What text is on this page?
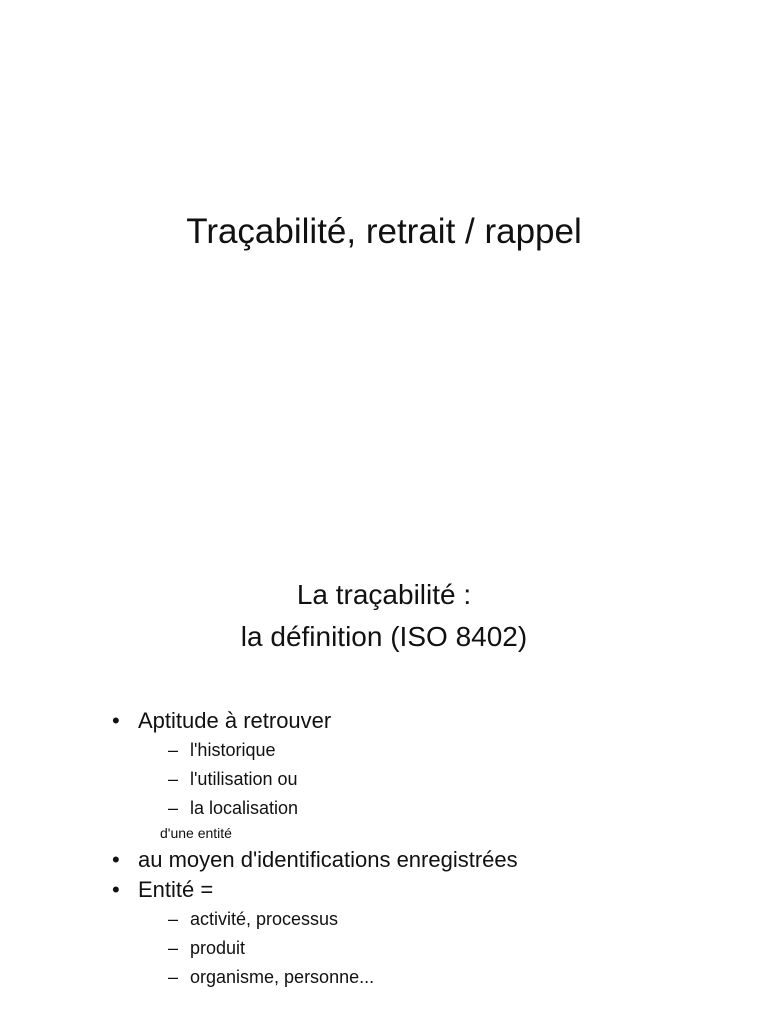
Traçabilité, retrait / rappel
La traçabilité :
la définition (ISO 8402)
• Aptitude à retrouver
– l'historique
– l'utilisation ou
– la localisation
d'une entité
• au moyen d'identifications enregistrées
• Entité =
– activité, processus
– produit
– organisme, personne...
